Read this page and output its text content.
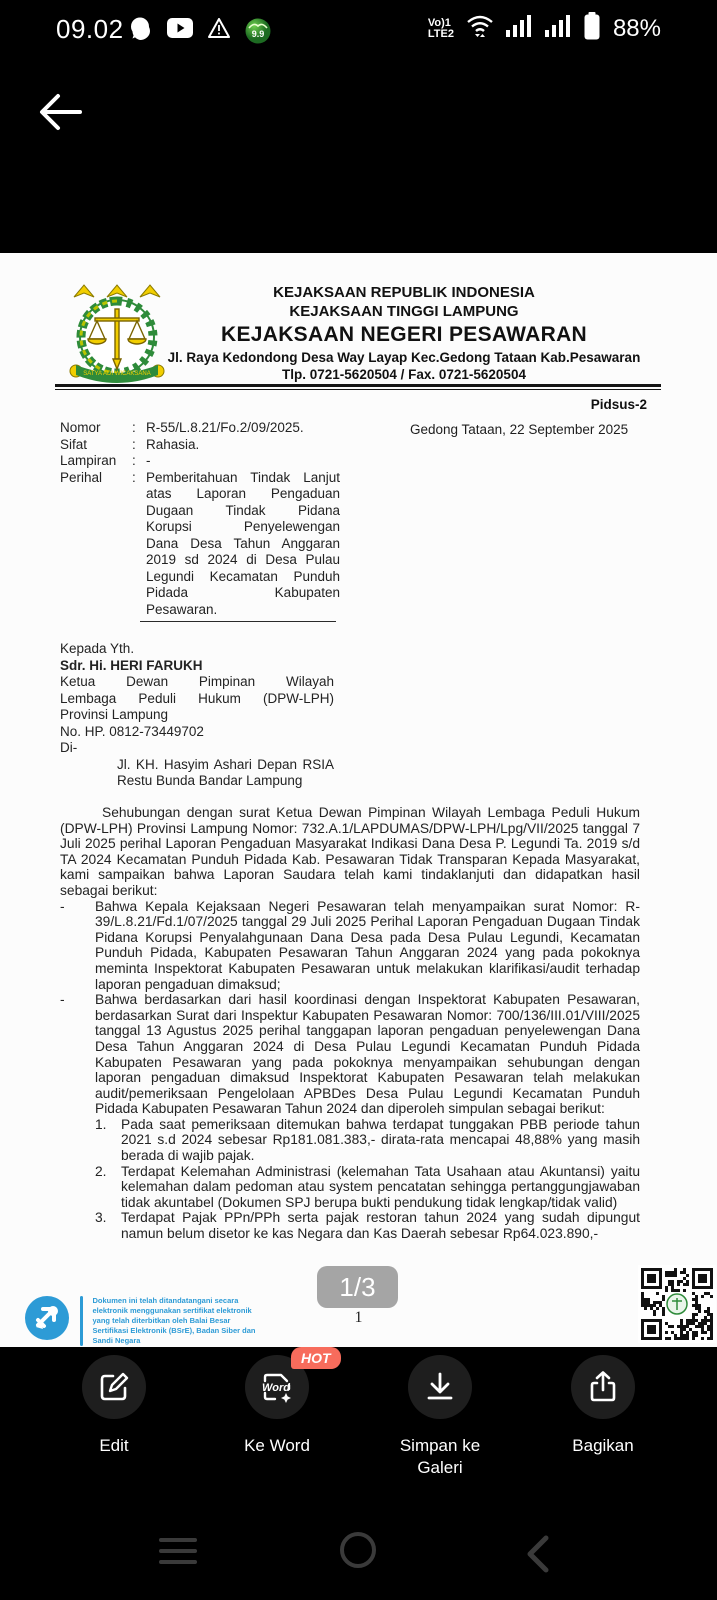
09.02	9.9
Vo)1
LTE2	88%
SATYA ADI WICAKSANA
KEJAKSAAN REPUBLIK INDONESIA
KEJAKSAAN TINGGI LAMPUNG
KEJAKSAAN NEGERI PESAWARAN
Jl. Raya Kedondong Desa Way Layap Kec.Gedong Tataan Kab.Pesawaran
Tlp. 0721-5620504 / Fax. 0721-5620504
Pidsus-2
Gedong Tataan, 22 September 2025
Nomor	: R-55/L.8.21/Fo.2/09/2025.
Sifat	: Rahasia.
Lampiran	: -
Perihal	: Pemberitahuan Tindak Lanjut
atas Laporan Pengaduan
Dugaan Tindak Pidana
Korupsi Penyelewengan
Dana Desa Tahun Anggaran
2019 sd 2024 di Desa Pulau
Legundi Kecamatan Punduh
Pidada Kabupaten
Pesawaran.
Kepada Yth.
Sdr. Hi. HERI FARUKH
Ketua Dewan Pimpinan Wilayah
Lembaga Peduli Hukum (DPW-LPH)
Provinsi Lampung
No. HP. 0812-73449702
Di-
Jl. KH. Hasyim Ashari Depan RSIA
Restu Bunda Bandar Lampung
Sehubungan dengan surat Ketua Dewan Pimpinan Wilayah Lembaga Peduli Hukum (DPW-LPH) Provinsi Lampung Nomor: 732.A.1/LAPDUMAS/DPW-LPH/Lpg/VII/2025 tanggal 7 Juli 2025 perihal Laporan Pengaduan Masyarakat Indikasi Dana Desa P. Legundi Ta. 2019 s/d TA 2024 Kecamatan Punduh Pidada Kab. Pesawaran Tidak Transparan Kepada Masyarakat, kami sampaikan bahwa Laporan Saudara telah kami tindaklanjuti dan didapatkan hasil sebagai berikut:
-	Bahwa Kepala Kejaksaan Negeri Pesawaran telah menyampaikan surat Nomor: R-39/L.8.21/Fd.1/07/2025 tanggal 29 Juli 2025 Perihal Laporan Pengaduan Dugaan Tindak Pidana Korupsi Penyalahgunaan Dana Desa pada Desa Pulau Legundi, Kecamatan Punduh Pidada, Kabupaten Pesawaran Tahun Anggaran 2024 yang pada pokoknya meminta Inspektorat Kabupaten Pesawaran untuk melakukan klarifikasi/audit terhadap laporan pengaduan dimaksud;
-	Bahwa berdasarkan dari hasil koordinasi dengan Inspektorat Kabupaten Pesawaran, berdasarkan Surat dari Inspektur Kabupaten Pesawaran Nomor: 700/136/III.01/VIII/2025 tanggal 13 Agustus 2025 perihal tanggapan laporan pengaduan penyelewengan Dana Desa Tahun Anggaran 2024 di Desa Pulau Legundi Kecamatan Punduh Pidada Kabupaten Pesawaran yang pada pokoknya menyampaikan sehubungan dengan laporan pengaduan dimaksud Inspektorat Kabupaten Pesawaran telah melakukan audit/pemeriksaan Pengelolaan APBDes Desa Pulau Legundi Kecamatan Punduh Pidada Kabupaten Pesawaran Tahun 2024 dan diperoleh simpulan sebagai berikut:
1.	Pada saat pemeriksaan ditemukan bahwa terdapat tunggakan PBB periode tahun 2021 s.d 2024 sebesar Rp181.081.383,- dirata-rata mencapai 48,88% yang masih berada di wajib pajak.
2.	Terdapat Kelemahan Administrasi (kelemahan Tata Usahaan atau Akuntansi) yaitu kelemahan dalam pedoman atau system pencatatan sehingga pertanggungjawaban tidak akuntabel (Dokumen SPJ berupa bukti pendukung tidak lengkap/tidak valid)
3.	Terdapat Pajak PPn/PPh serta pajak restoran tahun 2024 yang sudah dipungut namun belum disetor ke kas Negara dan Kas Daerah sebesar Rp64.023.890,-
Dokumen ini telah ditandatangani secara elektronik menggunakan sertifikat elektronik yang telah diterbitkan oleh Balai Besar Sertifikasi Elektronik (BSrE), Badan Siber dan Sandi Negara
1
1/3
Edit
Word
Ke Word
HOT
Simpan ke Galeri
Bagikan
